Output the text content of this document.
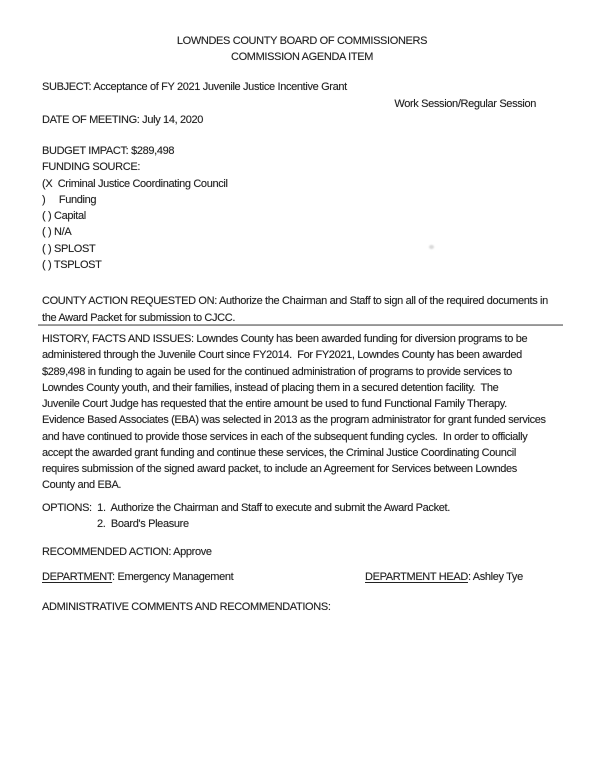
LOWNDES COUNTY BOARD OF COMMISSIONERS
COMMISSION AGENDA ITEM
SUBJECT: Acceptance of FY 2021 Juvenile Justice Incentive Grant
Work Session/Regular Session
DATE OF MEETING: July 14, 2020
BUDGET IMPACT: $289,498
FUNDING SOURCE:
(X  Criminal Justice Coordinating Council
)     Funding
( ) Capital
( ) N/A
( ) SPLOST
( ) TSPLOST
COUNTY ACTION REQUESTED ON: Authorize the Chairman and Staff to sign all of the required documents in
the Award Packet for submission to CJCC.
HISTORY, FACTS AND ISSUES: Lowndes County has been awarded funding for diversion programs to be
administered through the Juvenile Court since FY2014.  For FY2021, Lowndes County has been awarded
$289,498 in funding to again be used for the continued administration of programs to provide services to
Lowndes County youth, and their families, instead of placing them in a secured detention facility.  The
Juvenile Court Judge has requested that the entire amount be used to fund Functional Family Therapy.
Evidence Based Associates (EBA) was selected in 2013 as the program administrator for grant funded services
and have continued to provide those services in each of the subsequent funding cycles.  In order to officially
accept the awarded grant funding and continue these services, the Criminal Justice Coordinating Council
requires submission of the signed award packet, to include an Agreement for Services between Lowndes
County and EBA.
OPTIONS:  1.  Authorize the Chairman and Staff to execute and submit the Award Packet.
2.  Board's Pleasure
RECOMMENDED ACTION: Approve
DEPARTMENT: Emergency Management	DEPARTMENT HEAD: Ashley Tye
ADMINISTRATIVE COMMENTS AND RECOMMENDATIONS:
